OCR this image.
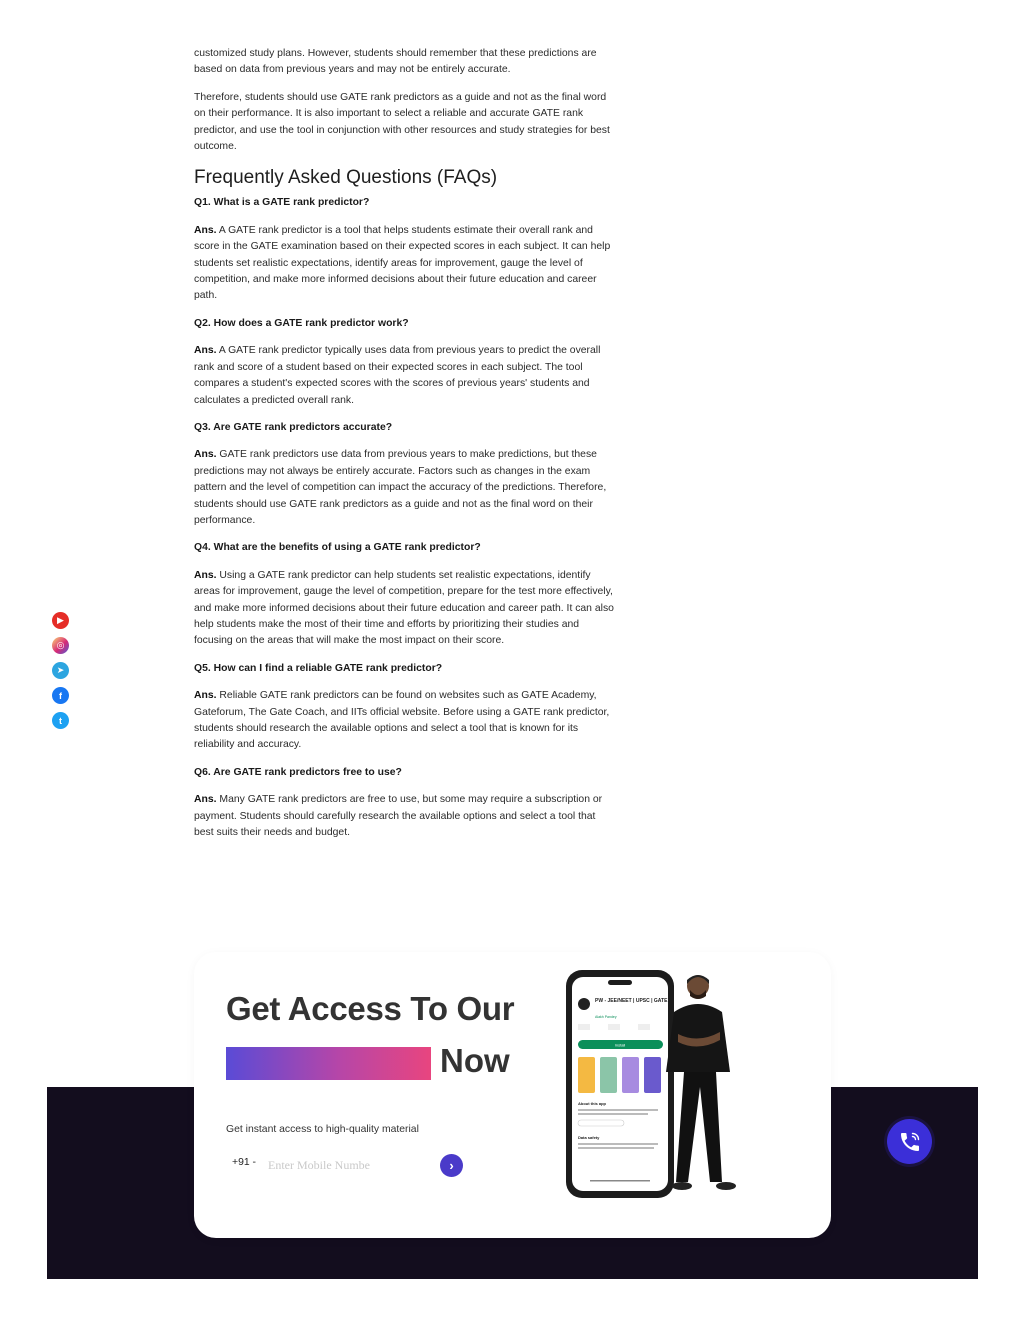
customized study plans. However, students should remember that these predictions are based on data from previous years and may not be entirely accurate.

Therefore, students should use GATE rank predictors as a guide and not as the final word on their performance. It is also important to select a reliable and accurate GATE rank predictor, and use the tool in conjunction with other resources and study strategies for best outcome.

Frequently Asked Questions (FAQs)

Q1. What is a GATE rank predictor?

Ans. A GATE rank predictor is a tool that helps students estimate their overall rank and score in the GATE examination based on their expected scores in each subject. It can help students set realistic expectations, identify areas for improvement, gauge the level of competition, and make more informed decisions about their future education and career path.

Q2. How does a GATE rank predictor work?

Ans. A GATE rank predictor typically uses data from previous years to predict the overall rank and score of a student based on their expected scores in each subject. The tool compares a student's expected scores with the scores of previous years' students and calculates a predicted overall rank.

Q3. Are GATE rank predictors accurate?

Ans. GATE rank predictors use data from previous years to make predictions, but these predictions may not always be entirely accurate. Factors such as changes in the exam pattern and the level of competition can impact the accuracy of the predictions. Therefore, students should use GATE rank predictors as a guide and not as the final word on their performance.

Q4. What are the benefits of using a GATE rank predictor?

Ans. Using a GATE rank predictor can help students set realistic expectations, identify areas for improvement, gauge the level of competition, prepare for the test more effectively, and make more informed decisions about their future education and career path. It can also help students make the most of their time and efforts by prioritizing their studies and focusing on the areas that will make the most impact on their score.

Q5. How can I find a reliable GATE rank predictor?

Ans. Reliable GATE rank predictors can be found on websites such as GATE Academy, Gateforum, The Gate Coach, and IITs official website. Before using a GATE rank predictor, students should research the available options and select a tool that is known for its reliability and accuracy.

Q6. Are GATE rank predictors free to use?

Ans. Many GATE rank predictors are free to use, but some may require a subscription or payment. Students should carefully research the available options and select a tool that best suits their needs and budget.

▶
◎
➤
f
t
Get Access To Our
Now
Get instant access to high-quality material
+91 -
Enter Mobile Numbe	›
PW - JEE/NEET | UPSC | GATE
Alakh Pandey
Install
About this app
Data safety
